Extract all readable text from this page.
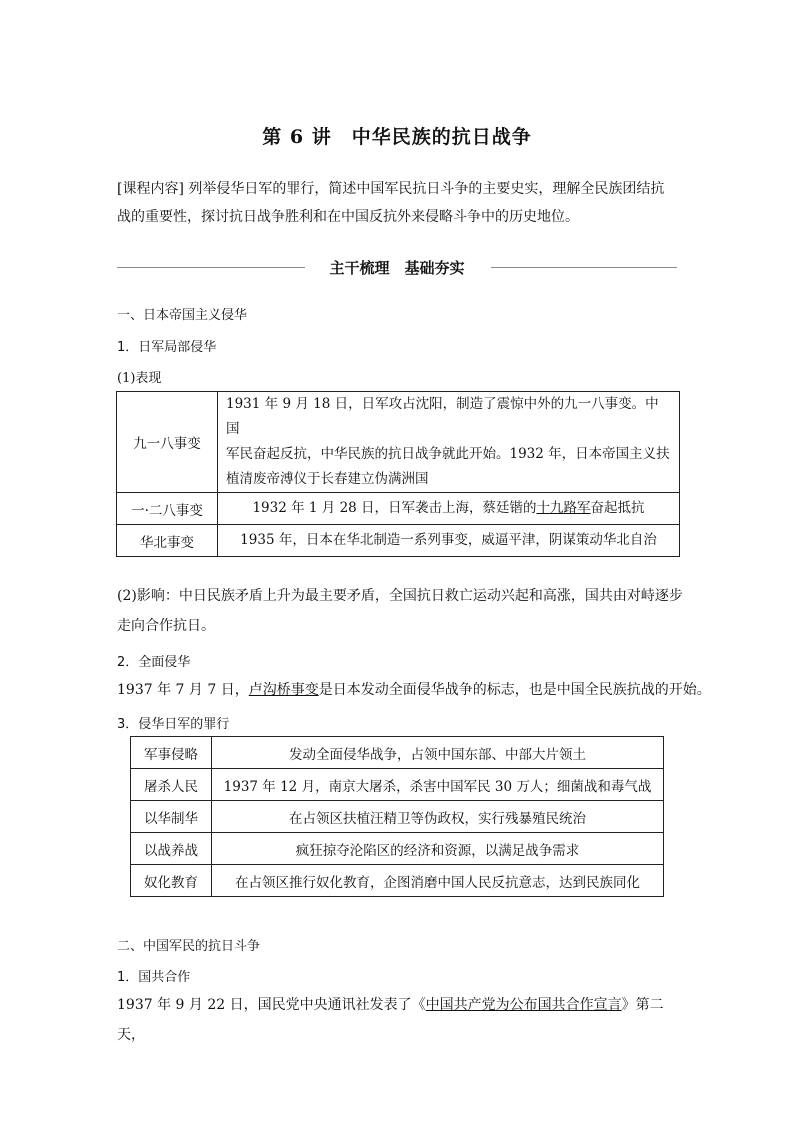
第 6 讲　中华民族的抗日战争
[课程内容] 列举侵华日军的罪行，简述中国军民抗日斗争的主要史实，理解全民族团结抗
战的重要性，探讨抗日战争胜利和在中国反抗外来侵略斗争中的历史地位。
主干梳理　基础夯实
一、日本帝国主义侵华
1．日军局部侵华
(1)表现
九一八事变	1931 年 9 月 18 日，日军攻占沈阳，制造了震惊中外的九一八事变。中国
军民奋起反抗，中华民族的抗日战争就此开始。1932 年，日本帝国主义扶
植清废帝溥仪于长春建立伪满洲国

一·二八事变	1932 年 1 月 28 日，日军袭击上海，蔡廷锴的十九路军奋起抵抗
华北事变	1935 年，日本在华北制造一系列事变，威逼平津，阴谋策动华北自治
(2)影响：中日民族矛盾上升为最主要矛盾，全国抗日救亡运动兴起和高涨，国共由对峙逐步
走向合作抗日。
2．全面侵华
1937 年 7 月 7 日，卢沟桥事变是日本发动全面侵华战争的标志，也是中国全民族抗战的开始。
3．侵华日军的罪行
军事侵略	发动全面侵华战争，占领中国东部、中部大片领土
屠杀人民	1937 年 12 月，南京大屠杀，杀害中国军民 30 万人；细菌战和毒气战
以华制华	在占领区扶植汪精卫等伪政权，实行残暴殖民统治
以战养战	疯狂掠夺沦陷区的经济和资源，以满足战争需求
奴化教育	在占领区推行奴化教育，企图消磨中国人民反抗意志，达到民族同化
二、中国军民的抗日斗争
1．国共合作
1937 年 9 月 22 日，国民党中央通讯社发表了《中国共产党为公布国共合作宣言》第二天，
